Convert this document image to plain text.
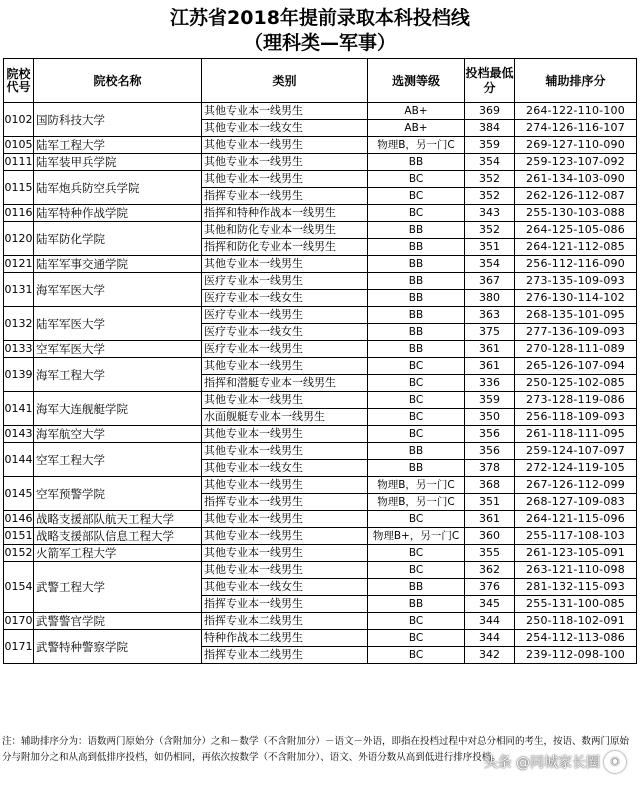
江苏省2018年提前录取本科投档线
（理科类—军事）
院校代号	院校名称	类别	选测等级	投档最低分	辅助排序分
0102	国防科技大学	其他专业本一线男生	AB+	369	264-122-110-100
		其他专业本一线女生	AB+	384	274-126-116-107
0105	陆军工程大学	其他专业本一线男生	物理B，另一门C	359	269-127-110-090
0111	陆军装甲兵学院	其他专业本一线男生	BB	354	259-123-107-092
0115	陆军炮兵防空兵学院	其他专业本一线男生	BC	352	261-134-103-090
		指挥专业本一线男生	BC	352	262-126-112-087
0116	陆军特种作战学院	指挥和特种作战本一线男生	BC	343	255-130-103-088
0120	陆军防化学院	其他和防化专业本一线男生	BB	352	264-125-105-086
		指挥和防化专业本一线男生	BB	351	264-121-112-085
0121	陆军军事交通学院	其他专业本一线男生	BB	354	256-112-116-090
0131	海军军医大学	医疗专业本一线男生	BB	367	273-135-109-093
		医疗专业本一线女生	BB	380	276-130-114-102
0132	陆军军医大学	医疗专业本一线男生	BB	363	268-135-101-095
		医疗专业本一线女生	BB	375	277-136-109-093
0133	空军军医大学	医疗专业本一线男生	BB	361	270-128-111-089
0139	海军工程大学	其他专业本一线男生	BC	361	265-126-107-094
		指挥和潜艇专业本一线男生	BC	336	250-125-102-085
0141	海军大连舰艇学院	其他专业本一线男生	BC	359	273-128-119-086
		水面舰艇专业本一线男生	BC	350	256-118-109-093
0143	海军航空大学	其他专业本一线男生	BC	356	261-118-111-095
0144	空军工程大学	其他专业本一线男生	BB	356	259-124-107-097
		其他专业本一线女生	BB	378	272-124-119-105
0145	空军预警学院	其他专业本一线男生	物理B，另一门C	368	267-126-112-099
		指挥专业本一线男生	物理B，另一门C	351	268-127-109-083
0146	战略支援部队航天工程大学	其他专业本一线男生	BC	361	264-121-115-096
0151	战略支援部队信息工程大学	其他专业本一线男生	物理B+，另一门C	360	255-117-108-103
0152	火箭军工程大学	其他专业本一线男生	BC	355	261-123-105-091
0154	武警工程大学	其他专业本一线男生	BC	362	263-121-110-098
		其他专业本一线女生	BB	376	281-132-115-093
		指挥专业本一线男生	BB	345	255-131-100-085
0170	武警警官学院	指挥专业本二线男生	BC	344	250-118-102-091
0171	武警特种警察学院	特种作战本二线男生	BC	344	254-112-113-086
		指挥专业本二线男生	BC	342	239-112-098-100
注：辅助排序分为：语数两门原始分（含附加分）之和－数学（不含附加分）－语文－外语，即指在投档过程中对总分相同的考生，按语、数两门原始分与附加分之和从高到低排序投档，如仍相同，再依次按数学（不含附加分）、语文、外语分数从高到低进行排序投档。
头条 @同城家长圈	◉
